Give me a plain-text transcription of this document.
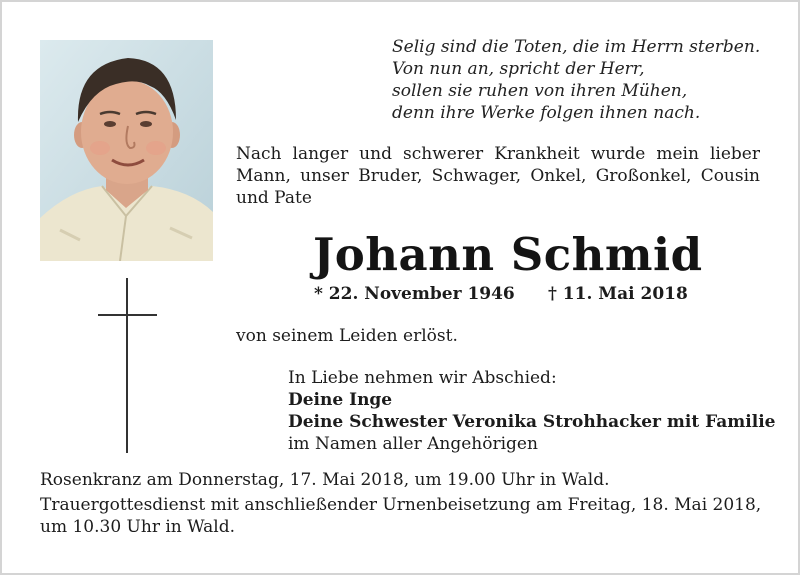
Selig sind die Toten, die im Herrn sterben.
Von nun an, spricht der Herr,
sollen sie ruhen von ihren Mühen,
denn ihre Werke folgen ihnen nach.
Nach langer und schwerer Krankheit wurde mein lieber Mann, unser Bruder, Schwager, Onkel, Großonkel, Cousin und Pate
Johann Schmid
* 22. November 1946 † 11. Mai 2018
von seinem Leiden erlöst.
In Liebe nehmen wir Abschied:
Deine Inge
Deine Schwester Veronika Strohhacker mit Familie
im Namen aller Angehörigen
Rosenkranz am Donnerstag, 17. Mai 2018, um 19.00 Uhr in Wald.
Trauergottesdienst mit anschließender Urnenbeisetzung am Freitag, 18. Mai 2018,
um 10.30 Uhr in Wald.
